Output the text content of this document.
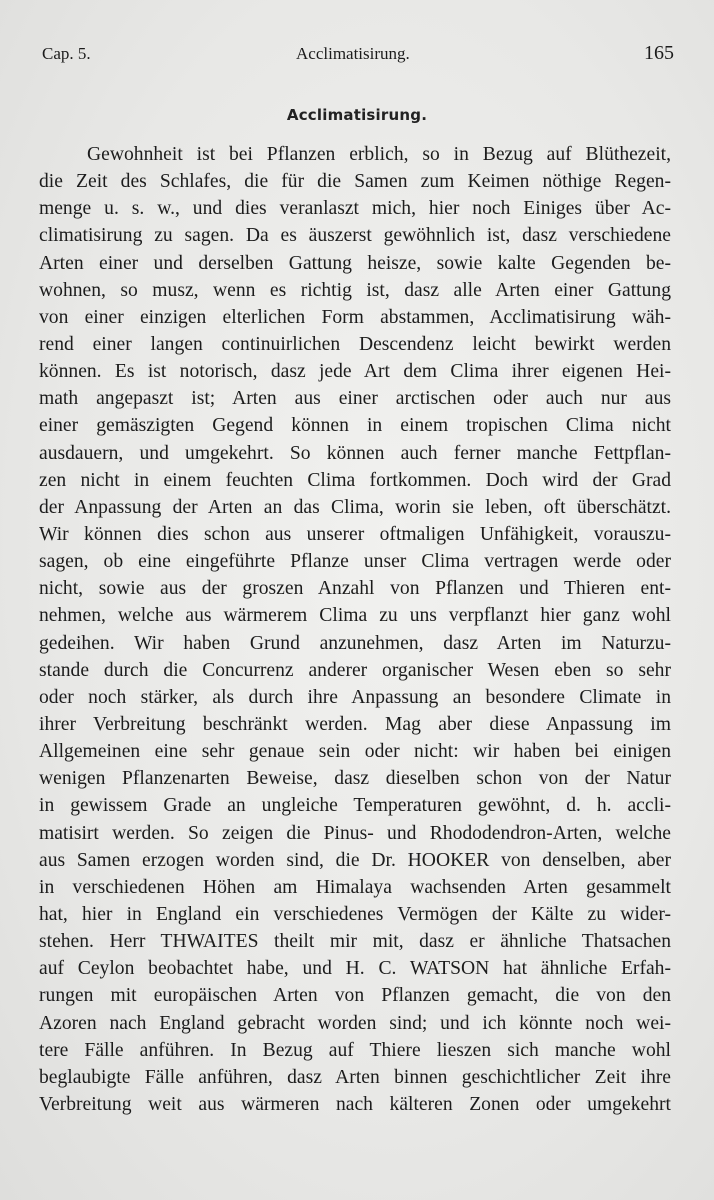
Cap. 5.	Acclimatisirung.	165
Acclimatisirung.
Gewohnheit ist bei Pflanzen erblich, so in Bezug auf Blüthezeit,
die Zeit des Schlafes, die für die Samen zum Keimen nöthige Regen-
menge u. s. w., und dies veranlaszt mich, hier noch Einiges über Ac-
climatisirung zu sagen. Da es äuszerst gewöhnlich ist, dasz verschiedene
Arten einer und derselben Gattung heisze, sowie kalte Gegenden be-
wohnen, so musz, wenn es richtig ist, dasz alle Arten einer Gattung
von einer einzigen elterlichen Form abstammen, Acclimatisirung wäh-
rend einer langen continuirlichen Descendenz leicht bewirkt werden
können. Es ist notorisch, dasz jede Art dem Clima ihrer eigenen Hei-
math angepaszt ist; Arten aus einer arctischen oder auch nur aus
einer gemäszigten Gegend können in einem tropischen Clima nicht
ausdauern, und umgekehrt. So können auch ferner manche Fettpflan-
zen nicht in einem feuchten Clima fortkommen. Doch wird der Grad
der Anpassung der Arten an das Clima, worin sie leben, oft überschätzt.
Wir können dies schon aus unserer oftmaligen Unfähigkeit, vorauszu-
sagen, ob eine eingeführte Pflanze unser Clima vertragen werde oder
nicht, sowie aus der groszen Anzahl von Pflanzen und Thieren ent-
nehmen, welche aus wärmerem Clima zu uns verpflanzt hier ganz wohl
gedeihen. Wir haben Grund anzunehmen, dasz Arten im Naturzu-
stande durch die Concurrenz anderer organischer Wesen eben so sehr
oder noch stärker, als durch ihre Anpassung an besondere Climate in
ihrer Verbreitung beschränkt werden. Mag aber diese Anpassung im
Allgemeinen eine sehr genaue sein oder nicht: wir haben bei einigen
wenigen Pflanzenarten Beweise, dasz dieselben schon von der Natur
in gewissem Grade an ungleiche Temperaturen gewöhnt, d. h. accli-
matisirt werden. So zeigen die Pinus- und Rhododendron-Arten, welche
aus Samen erzogen worden sind, die Dr. HOOKER von denselben, aber
in verschiedenen Höhen am Himalaya wachsenden Arten gesammelt
hat, hier in England ein verschiedenes Vermögen der Kälte zu wider-
stehen. Herr THWAITES theilt mir mit, dasz er ähnliche Thatsachen
auf Ceylon beobachtet habe, und H. C. WATSON hat ähnliche Erfah-
rungen mit europäischen Arten von Pflanzen gemacht, die von den
Azoren nach England gebracht worden sind; und ich könnte noch wei-
tere Fälle anführen. In Bezug auf Thiere lieszen sich manche wohl
beglaubigte Fälle anführen, dasz Arten binnen geschichtlicher Zeit ihre
Verbreitung weit aus wärmeren nach kälteren Zonen oder umgekehrt
